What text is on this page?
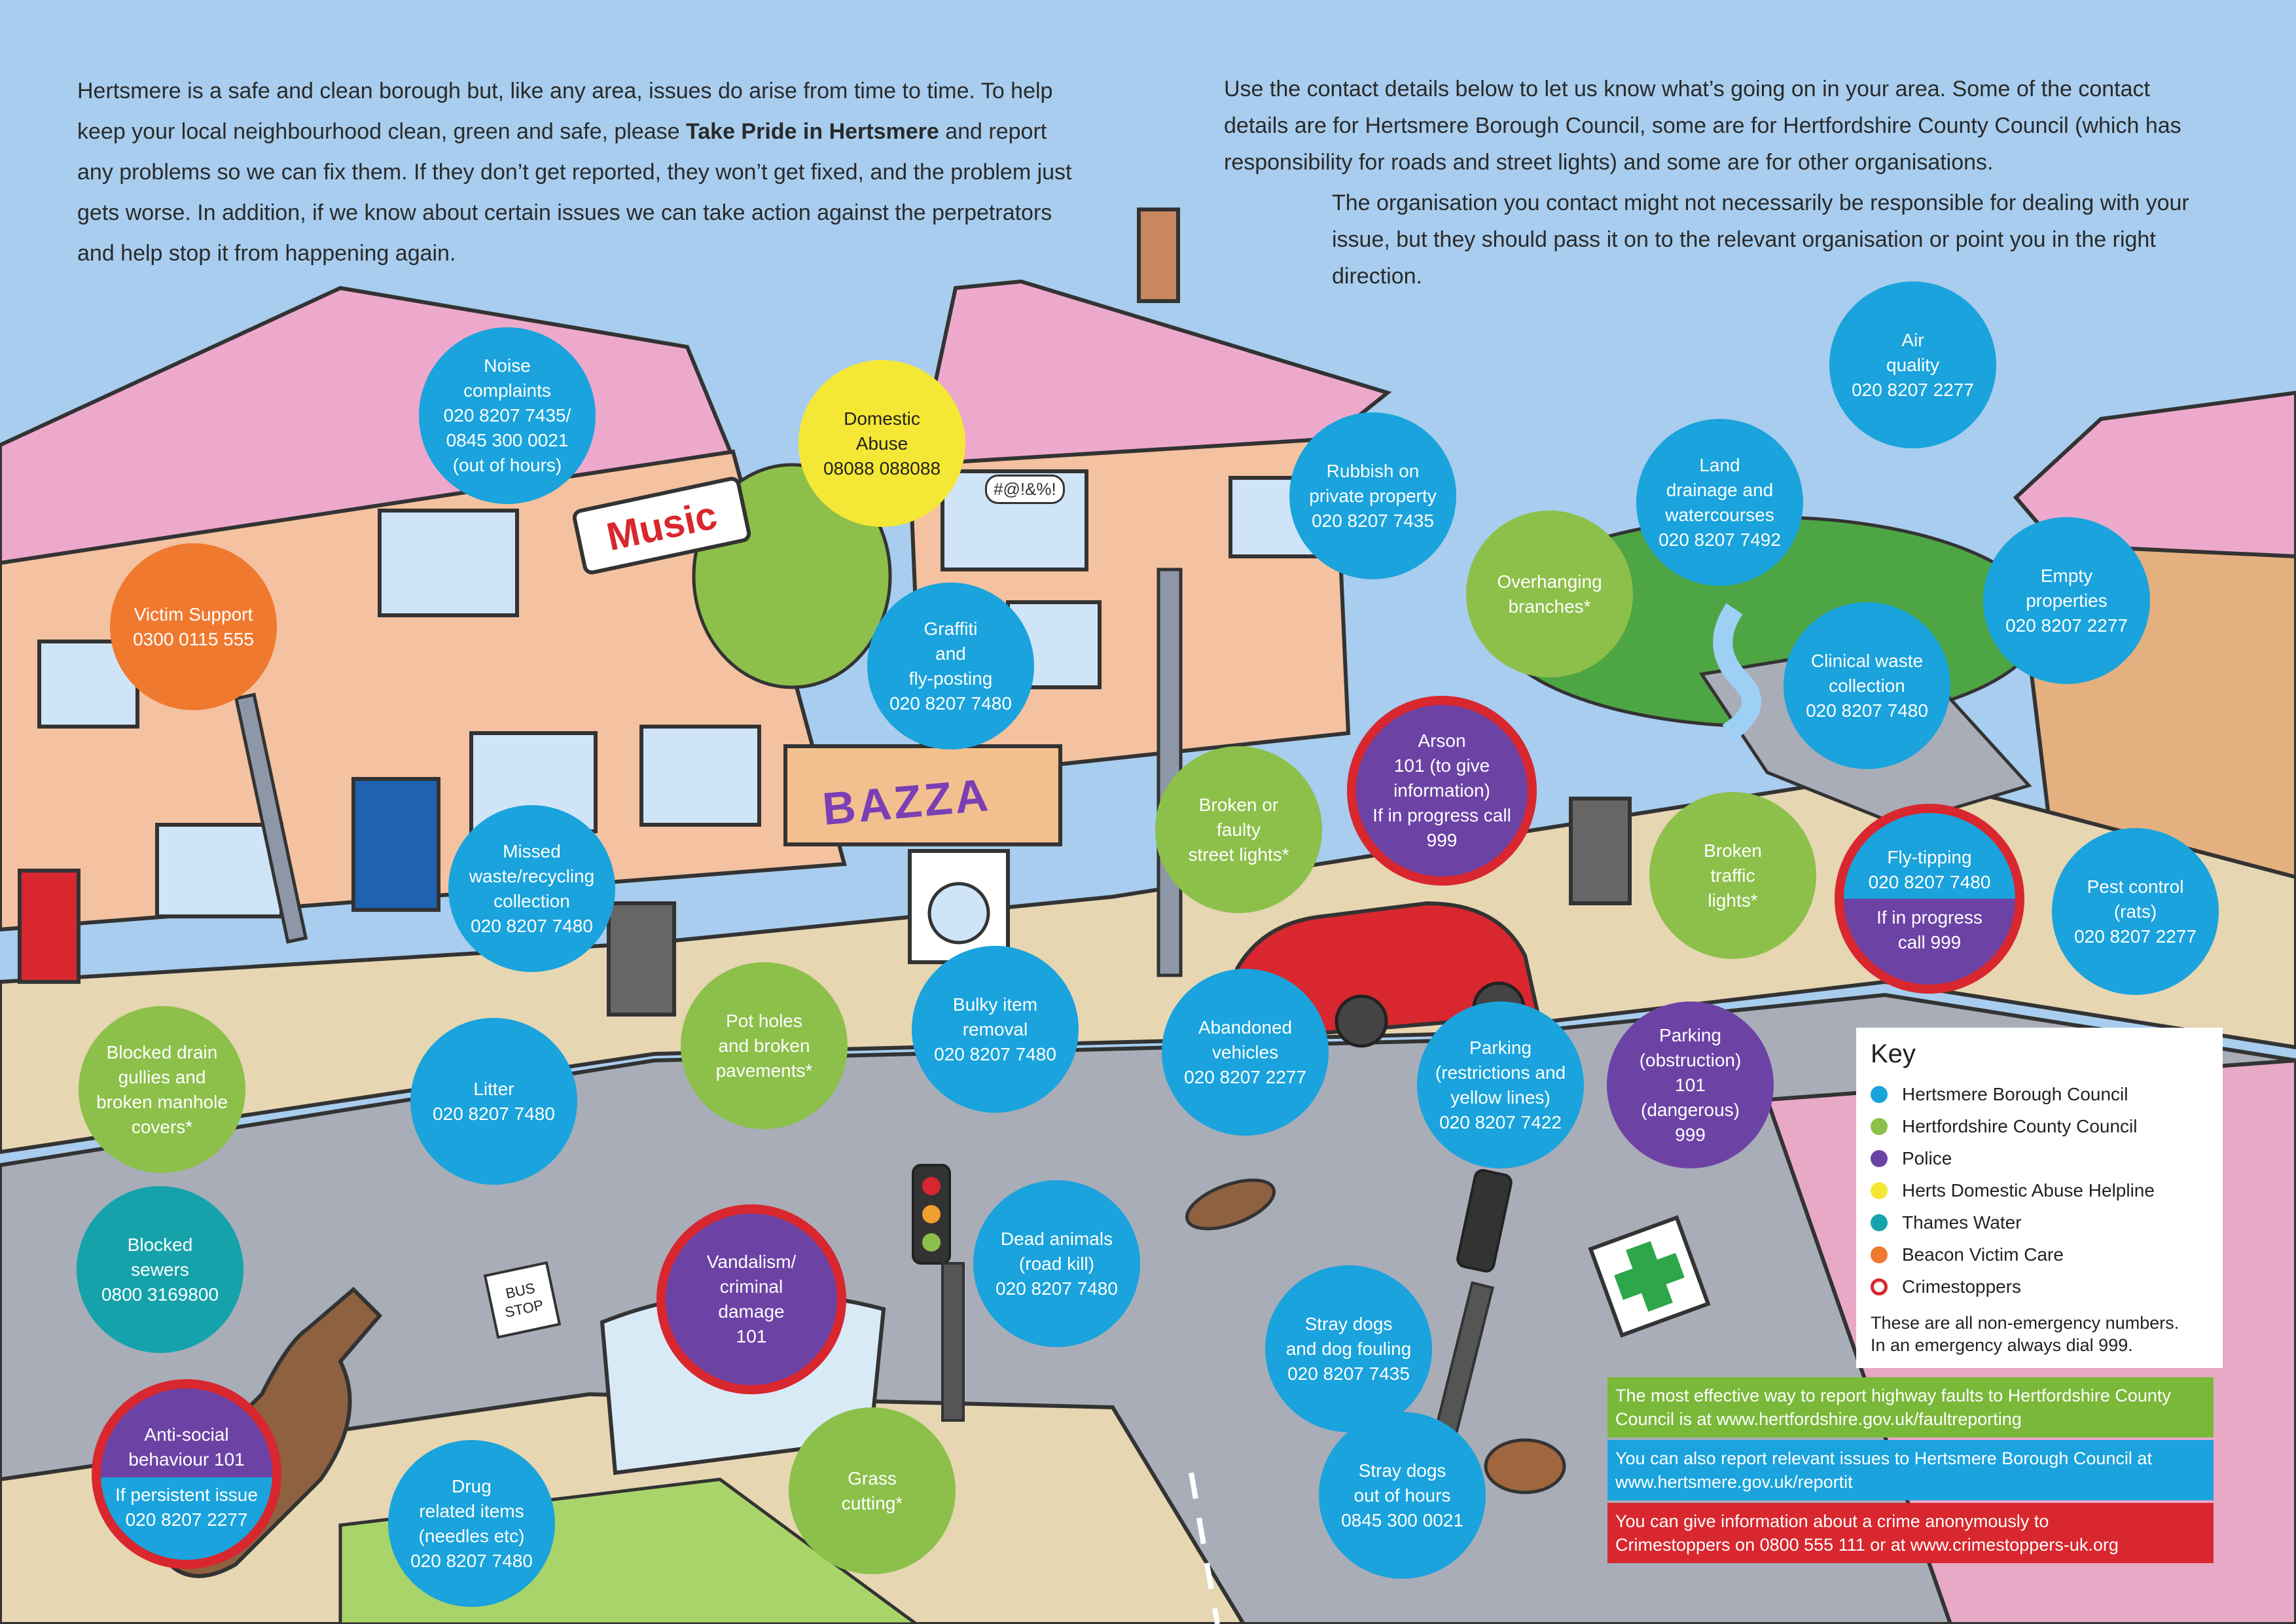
Music
BAZZA
BUS
STOP
#@!&%!
Hertsmere is a safe and clean borough but, like any area, issues do arise from time to time. To help keep your local neighbourhood clean, green and safe, please Take Pride in Hertsmere and report any problems so we can fix them. If they don’t get reported, they won’t get fixed, and the problem just gets worse. In addition, if we know about certain issues we can take action against the perpetrators and help stop it from happening again.
Use the contact details below to let us know what’s going on in your area. Some of the contact details are for Hertsmere Borough Council, some are for Hertfordshire County Council (which has responsibility for roads and street lights) and some are for other organisations.
The organisation you contact might not necessarily be responsible for dealing with your issue, but they should pass it on to the relevant organisation or point you in the right direction.
Noise
complaints
020 8207 7435/
0845 300 0021
(out of hours)
Domestic
Abuse
08088 088088
Victim Support
0300 0115 555
Graffiti
and
fly-posting
020 8207 7480
Rubbish on
private property
020 8207 7435
Overhanging
branches*
Land
drainage and
watercourses
020 8207 7492
Air
quality
020 8207 2277
Empty
properties
020 8207 2277
Clinical waste
collection
020 8207 7480
Arson
101 (to give
information)
If in progress call
999
Broken or
faulty
street lights*	Broken
traffic
lights*
Fly-tipping
020 8207 7480
If in progress
call 999
Pest control
(rats)
020 8207 2277
Missed
waste/recycling
collection
020 8207 7480
Pot holes
and broken
pavements*
Bulky item
removal
020 8207 7480
Abandoned
vehicles
020 8207 2277
Parking
(restrictions and
yellow lines)
020 8207 7422
Parking
(obstruction)
101
(dangerous)
999
Blocked drain
gullies and
broken manhole
covers*
Litter
020 8207 7480
Blocked
sewers
0800 3169800
Vandalism/
criminal
damage
101
Dead animals
(road kill)
020 8207 7480
Stray dogs
and dog fouling
020 8207 7435
Stray dogs
out of hours
0845 300 0021
Anti-social
behaviour 101
If persistent issue
020 8207 2277
Drug
related items
(needles etc)
020 8207 7480
Grass
cutting*
Key
Hertsmere Borough Council
Hertfordshire County Council
Police
Herts Domestic Abuse Helpline
Thames Water
Beacon Victim Care
Crimestoppers
These are all non-emergency numbers.
In an emergency always dial 999.
The most effective way to report highway faults to Hertfordshire County
Council is at www.hertfordshire.gov.uk/faultreporting
You can also report relevant issues to Hertsmere Borough Council at
www.hertsmere.gov.uk/reportit
You can give information about a crime anonymously to
Crimestoppers on 0800 555 111 or at www.crimestoppers-uk.org
